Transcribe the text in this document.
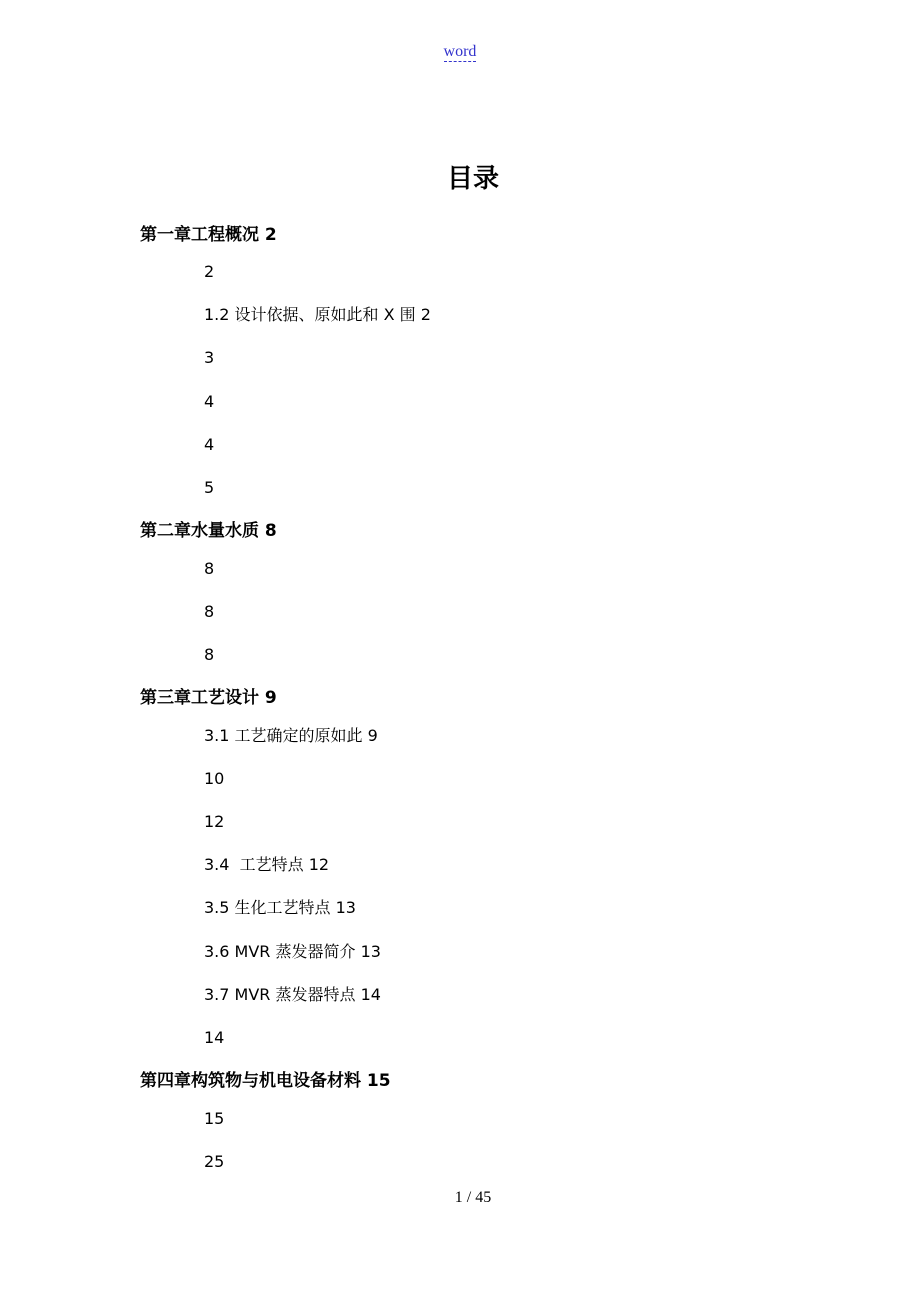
word
目录
第一章工程概况 2
2
1.2 设计依据、原如此和 X 围 2
3
4
4
5
第二章水量水质 8
8
8
8
第三章工艺设计 9
3.1 工艺确定的原如此 9
10
12
3.4  工艺特点 12
3.5 生化工艺特点 13
3.6 MVR 蒸发器简介 13
3.7 MVR 蒸发器特点 14
14
第四章构筑物与机电设备材料 15
15
25
1 / 45
